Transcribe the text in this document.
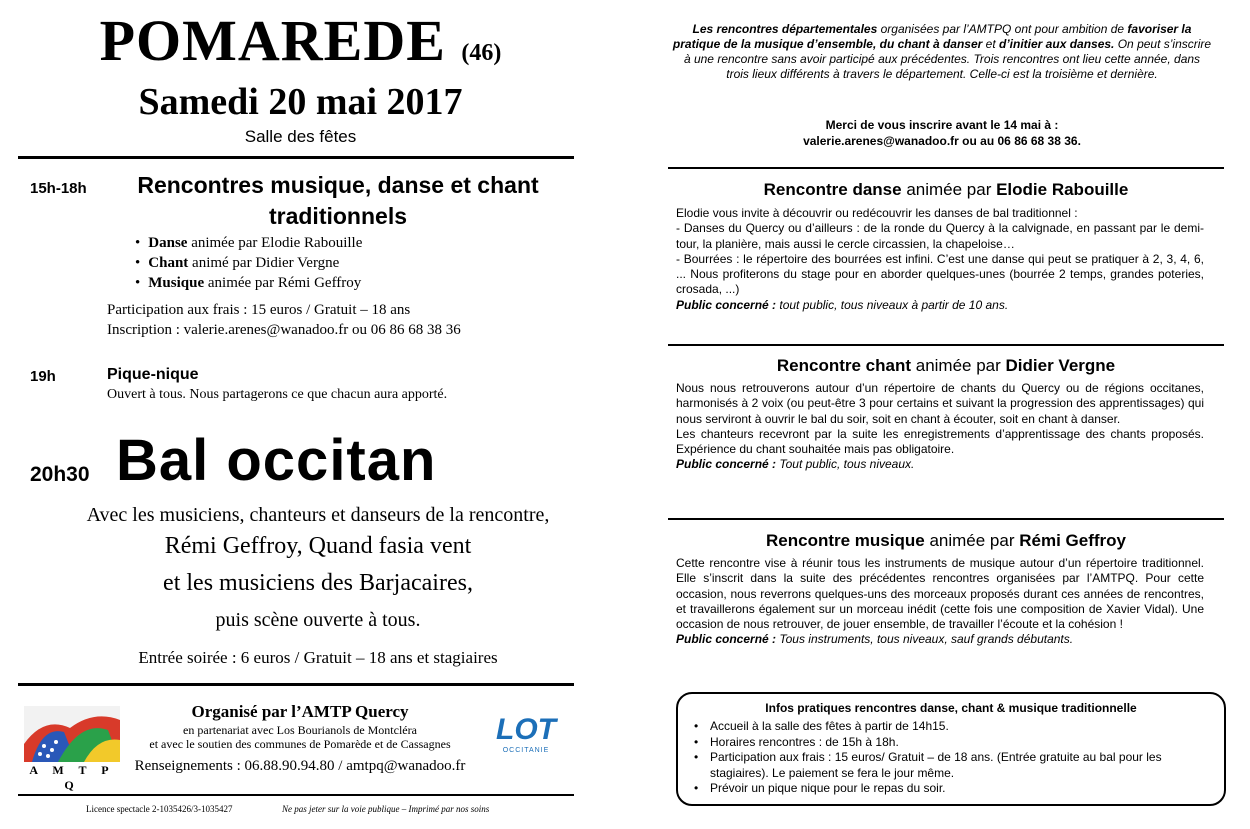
POMAREDE (46)
Samedi 20 mai 2017
Salle des fêtes
15h-18h	Rencontres musique, danse et chant traditionnels
• Danse animée par Elodie Rabouille
• Chant animé par Didier Vergne
• Musique animée par Rémi Geffroy
Participation aux frais : 15 euros / Gratuit – 18 ans
Inscription : valerie.arenes@wanadoo.fr ou 06 86 68 38 36
19h	Pique-nique
Ouvert à tous. Nous partagerons ce que chacun aura apporté.
20h30 Bal occitan
Avec les musiciens, chanteurs et danseurs de la rencontre,
Rémi Geffroy, Quand fasia vent
et les musiciens des Barjacaires,
puis scène ouverte à tous.
Entrée soirée : 6 euros / Gratuit – 18 ans et stagiaires
A M T P Q
Organisé par l’AMTP Quercy
en partenariat avec Los Bourianols de Montcléra
et avec le soutien des communes de Pomarède et de Cassagnes
Renseignements : 06.88.90.94.80 / amtpq@wanadoo.fr
LOT
OCCITANIE
Licence spectacle 2-1035426/3-1035427	Ne pas jeter sur la voie publique – Imprimé par nos soins
Les rencontres départementales organisées par l’AMTPQ ont pour ambition de favoriser la pratique de la musique d’ensemble, du chant à danser et d’initier aux danses. On peut s’inscrire à une rencontre sans avoir participé aux précédentes. Trois rencontres ont lieu cette année, dans trois lieux différents à travers le département. Celle-ci est la troisième et dernière.
Merci de vous inscrire avant le 14 mai à :
valerie.arenes@wanadoo.fr ou au 06 86 68 38 36.
Rencontre danse animée par Elodie Rabouille

Elodie vous invite à découvrir ou redécouvrir les danses de bal traditionnel :

- Danses du Quercy ou d’ailleurs : de la ronde du Quercy à la calvignade, en passant par le demi-tour, la planière, mais aussi le cercle circassien, la chapeloise…

- Bourrées : le répertoire des bourrées est infini. C’est une danse qui peut se pratiquer à 2, 3, 4, 6, ... Nous profiterons du stage pour en aborder quelques-unes (bourrée 2 temps, grandes poteries, crosada, ...)

Public concerné : tout public, tous niveaux à partir de 10 ans.

Rencontre chant animée par Didier Vergne

Nous nous retrouverons autour d’un répertoire de chants du Quercy ou de régions occitanes, harmonisés à 2 voix (ou peut-être 3 pour certains et suivant la progression des apprentissages) qui nous serviront à ouvrir le bal du soir, soit en chant à écouter, soit en chant à danser.

Les chanteurs recevront par la suite les enregistrements d’apprentissage des chants proposés. Expérience du chant souhaitée mais pas obligatoire.

Public concerné : Tout public, tous niveaux.

Rencontre musique animée par Rémi Geffroy

Cette rencontre vise à réunir tous les instruments de musique autour d’un répertoire traditionnel. Elle s’inscrit dans la suite des précédentes rencontres organisées par l’AMTPQ. Pour cette occasion, nous reverrons quelques-uns des morceaux proposés durant ces années de rencontres, et travaillerons également sur un morceau inédit (cette fois une composition de Xavier Vidal). Une occasion de nous retrouver, de jouer ensemble, de travailler l’écoute et la cohésion !

Public concerné : Tous instruments, tous niveaux, sauf grands débutants.

Infos pratiques rencontres danse, chant & musique traditionnelle
• Accueil à la salle des fêtes à partir de 14h15.
• Horaires rencontres : de 15h à 18h.
• Participation aux frais : 15 euros/ Gratuit – de 18 ans. (Entrée gratuite au bal pour les stagiaires). Le paiement se fera le jour même.
• Prévoir un pique nique pour le repas du soir.
